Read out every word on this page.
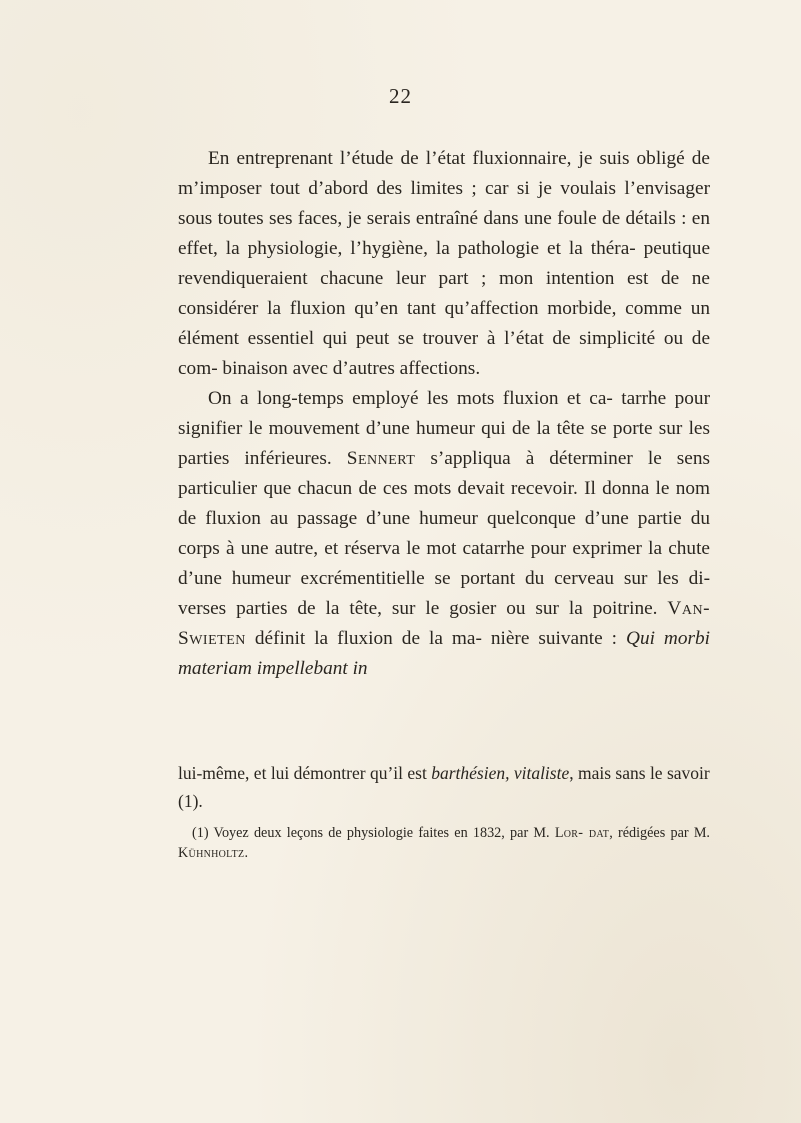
22

En entreprenant l’étude de l’état fluxionnaire, je suis obligé de m’imposer tout d’abord des limites ; car si je voulais l’envisager sous toutes ses faces, je serais entraîné dans une foule de détails : en effet, la physiologie, l’hygiène, la pathologie et la théra- peutique revendiqueraient chacune leur part ; mon intention est de ne considérer la fluxion qu’en tant qu’affection morbide, comme un élément essentiel qui peut se trouver à l’état de simplicité ou de com- binaison avec d’autres affections.

On a long-temps employé les mots fluxion et ca- tarrhe pour signifier le mouvement d’une humeur qui de la tête se porte sur les parties inférieures. Sennert s’appliqua à déterminer le sens particulier que chacun de ces mots devait recevoir. Il donna le nom de fluxion au passage d’une humeur quelconque d’une partie du corps à une autre, et réserva le mot catarrhe pour exprimer la chute d’une humeur excrémentitielle se portant du cerveau sur les di- verses parties de la tête, sur le gosier ou sur la poitrine. Van-Swieten définit la fluxion de la ma- nière suivante : Qui morbi materiam impellebant in

lui-même, et lui démontrer qu’il est barthésien, vitaliste, mais sans le savoir (1).
(1) Voyez deux leçons de physiologie faites en 1832, par M. Lor- dat, rédigées par M. Kühnholtz.
